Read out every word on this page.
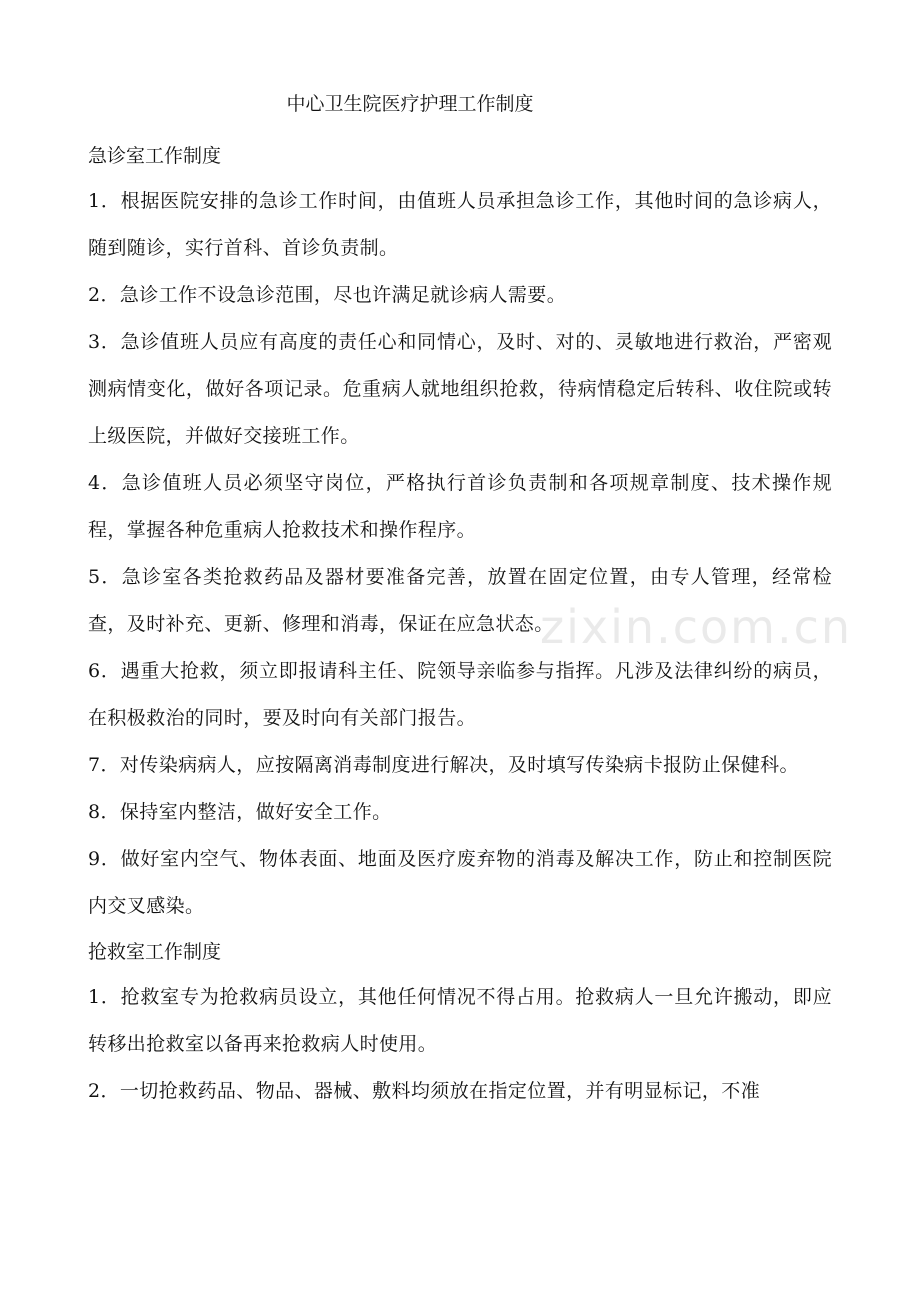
中心卫生院医疗护理工作制度
急诊室工作制度

1．根据医院安排的急诊工作时间，由值班人员承担急诊工作，其他时间的急诊病人，随到随诊，实行首科、首诊负责制。

2．急诊工作不设急诊范围，尽也许满足就诊病人需要。

3．急诊值班人员应有高度的责任心和同情心，及时、对的、灵敏地进行救治，严密观测病情变化，做好各项记录。危重病人就地组织抢救，待病情稳定后转科、收住院或转上级医院，并做好交接班工作。

4．急诊值班人员必须坚守岗位，严格执行首诊负责制和各项规章制度、技术操作规程，掌握各种危重病人抢救技术和操作程序。

5．急诊室各类抢救药品及器材要准备完善，放置在固定位置，由专人管理，经常检查，及时补充、更新、修理和消毒，保证在应急状态。

6．遇重大抢救，须立即报请科主任、院领导亲临参与指挥。凡涉及法律纠纷的病员，在积极救治的同时，要及时向有关部门报告。

7．对传染病病人，应按隔离消毒制度进行解决，及时填写传染病卡报防止保健科。

8．保持室内整洁，做好安全工作。

9．做好室内空气、物体表面、地面及医疗废弃物的消毒及解决工作，防止和控制医院内交叉感染。

抢救室工作制度

1．抢救室专为抢救病员设立，其他任何情况不得占用。抢救病人一旦允许搬动，即应转移出抢救室以备再来抢救病人时使用。

2．一切抢救药品、物品、器械、敷料均须放在指定位置，并有明显标记，不准

zixin.com.cn
